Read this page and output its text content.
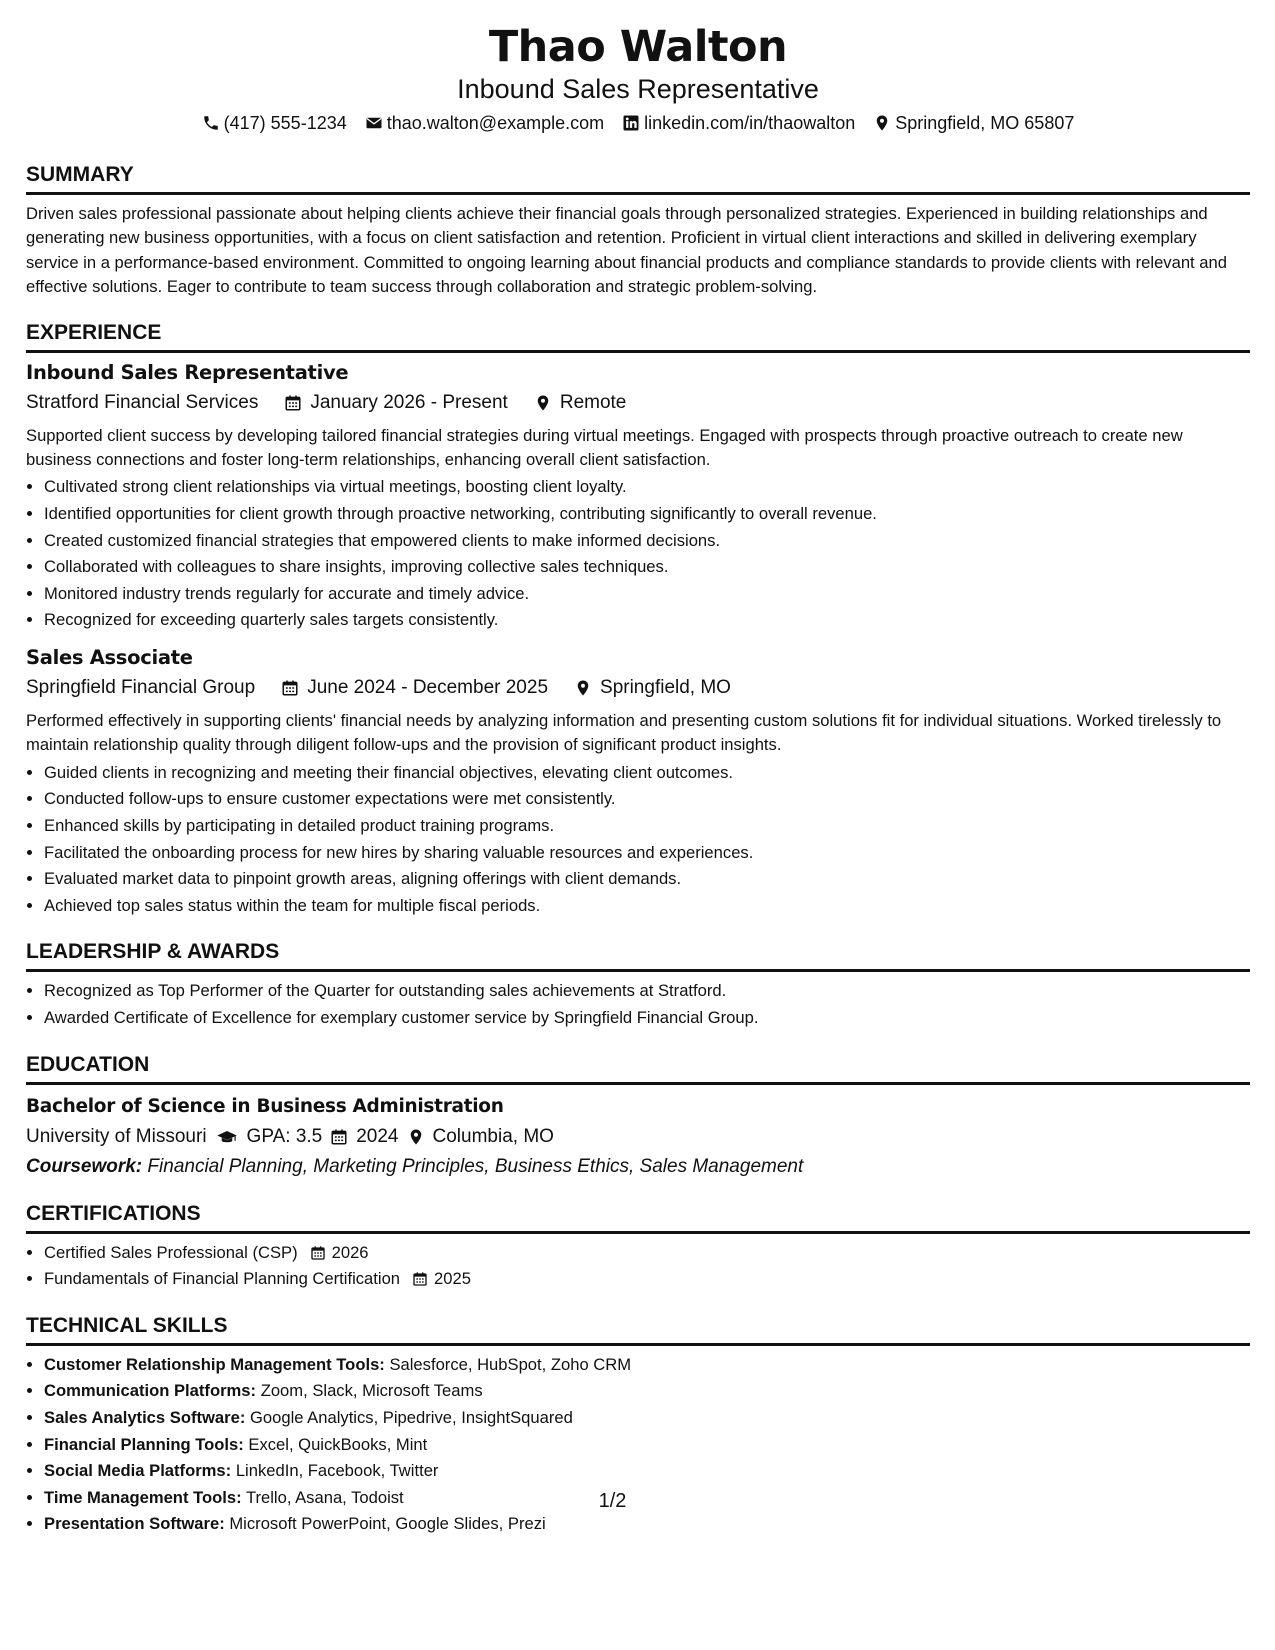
Thao Walton
Inbound Sales Representative
(417) 555-1234 thao.walton@example.com linkedin.com/in/thaowalton Springfield, MO 65807
SUMMARY
Driven sales professional passionate about helping clients achieve their financial goals through personalized strategies. Experienced in building relationships and generating new business opportunities, with a focus on client satisfaction and retention. Proficient in virtual client interactions and skilled in delivering exemplary service in a performance-based environment. Committed to ongoing learning about financial products and compliance standards to provide clients with relevant and effective solutions. Eager to contribute to team success through collaboration and strategic problem-solving.
EXPERIENCE
Inbound Sales Representative
Stratford Financial Services	January 2026 - Present	Remote
Supported client success by developing tailored financial strategies during virtual meetings. Engaged with prospects through proactive outreach to create new business connections and foster long-term relationships, enhancing overall client satisfaction.
• Cultivated strong client relationships via virtual meetings, boosting client loyalty.
• Identified opportunities for client growth through proactive networking, contributing significantly to overall revenue.
• Created customized financial strategies that empowered clients to make informed decisions.
• Collaborated with colleagues to share insights, improving collective sales techniques.
• Monitored industry trends regularly for accurate and timely advice.
• Recognized for exceeding quarterly sales targets consistently.
Sales Associate
Springfield Financial Group	June 2024 - December 2025	Springfield, MO
Performed effectively in supporting clients' financial needs by analyzing information and presenting custom solutions fit for individual situations. Worked tirelessly to maintain relationship quality through diligent follow-ups and the provision of significant product insights.
• Guided clients in recognizing and meeting their financial objectives, elevating client outcomes.
• Conducted follow-ups to ensure customer expectations were met consistently.
• Enhanced skills by participating in detailed product training programs.
• Facilitated the onboarding process for new hires by sharing valuable resources and experiences.
• Evaluated market data to pinpoint growth areas, aligning offerings with client demands.
• Achieved top sales status within the team for multiple fiscal periods.
LEADERSHIP & AWARDS
• Recognized as Top Performer of the Quarter for outstanding sales achievements at Stratford.
• Awarded Certificate of Excellence for exemplary customer service by Springfield Financial Group.
EDUCATION
Bachelor of Science in Business Administration
University of Missouri GPA: 3.5 2024 Columbia, MO
Coursework: Financial Planning, Marketing Principles, Business Ethics, Sales Management
CERTIFICATIONS
• Certified Sales Professional (CSP) 2026
• Fundamentals of Financial Planning Certification 2025
TECHNICAL SKILLS
• Customer Relationship Management Tools: Salesforce, HubSpot, Zoho CRM
• Communication Platforms: Zoom, Slack, Microsoft Teams
• Sales Analytics Software: Google Analytics, Pipedrive, InsightSquared
• Financial Planning Tools: Excel, QuickBooks, Mint
• Social Media Platforms: LinkedIn, Facebook, Twitter
• Time Management Tools: Trello, Asana, Todoist
• Presentation Software: Microsoft PowerPoint, Google Slides, Prezi
1/2
